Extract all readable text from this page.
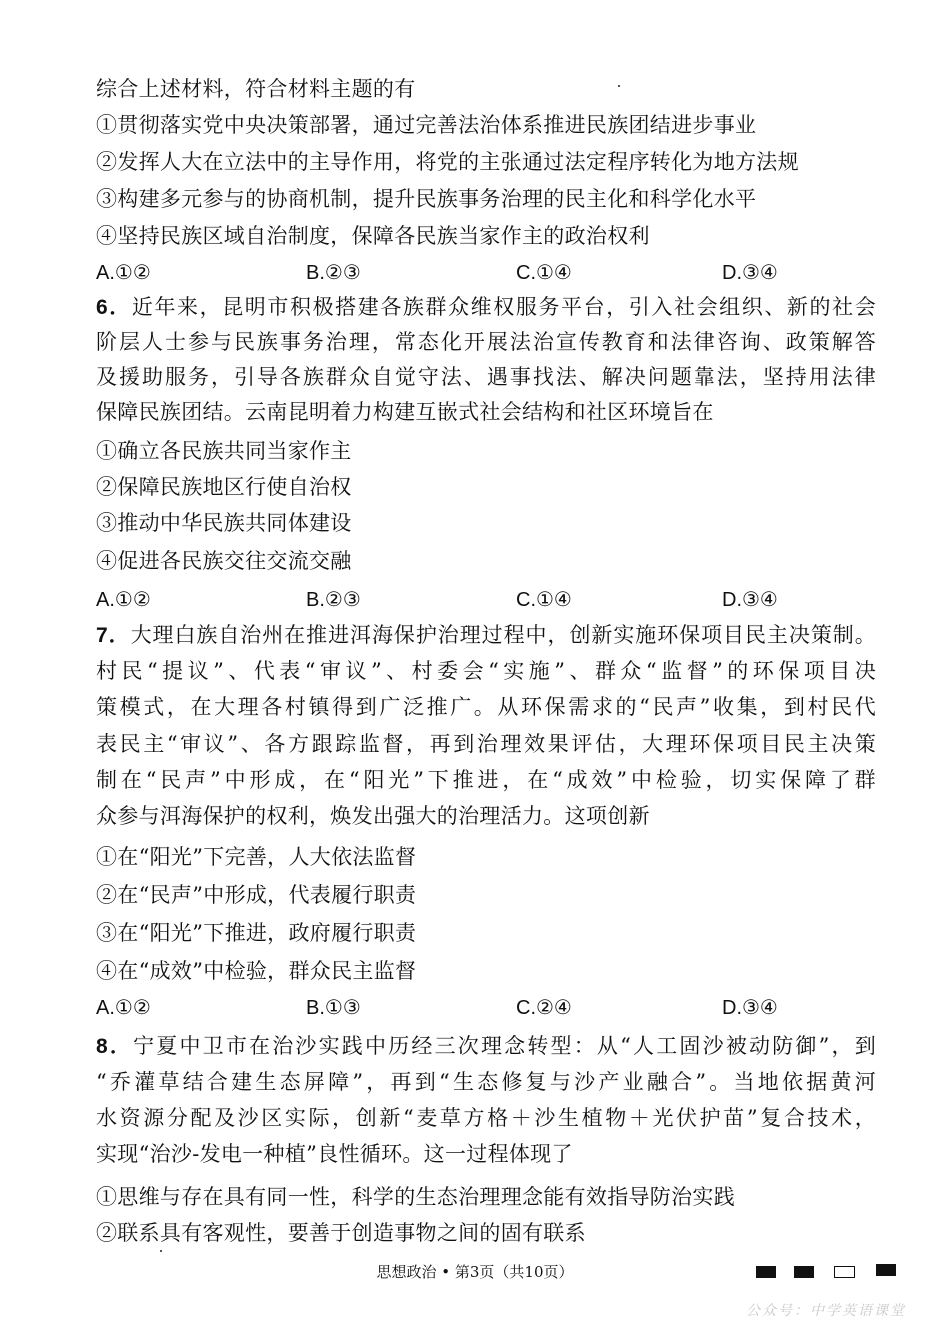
综合上述材料，符合材料主题的有
①贯彻落实党中央决策部署，通过完善法治体系推进民族团结进步事业
②发挥人大在立法中的主导作用，将党的主张通过法定程序转化为地方法规
③构建多元参与的协商机制，提升民族事务治理的民主化和科学化水平
④坚持民族区域自治制度，保障各民族当家作主的政治权利
A.①②	B.②③	C.①④	D.③④
6．近年来，昆明市积极搭建各族群众维权服务平台，引入社会组织、新的社会
阶层人士参与民族事务治理，常态化开展法治宣传教育和法律咨询、政策解答
及援助服务，引导各族群众自觉守法、遇事找法、解决问题靠法，坚持用法律
保障民族团结。云南昆明着力构建互嵌式社会结构和社区环境旨在
①确立各民族共同当家作主
②保障民族地区行使自治权
③推动中华民族共同体建设
④促进各民族交往交流交融
A.①②	B.②③	C.①④	D.③④
7．大理白族自治州在推进洱海保护治理过程中，创新实施环保项目民主决策制。
村民“提议”、代表“审议”、村委会“实施”、群众“监督”的环保项目决
策模式，在大理各村镇得到广泛推广。从环保需求的“民声”收集，到村民代
表民主“审议”、各方跟踪监督，再到治理效果评估，大理环保项目民主决策
制在“民声”中形成，在“阳光”下推进，在“成效”中检验，切实保障了群
众参与洱海保护的权利，焕发出强大的治理活力。这项创新
①在“阳光”下完善，人大依法监督
②在“民声”中形成，代表履行职责
③在“阳光”下推进，政府履行职责
④在“成效”中检验，群众民主监督
A.①②	B.①③	C.②④	D.③④
8．宁夏中卫市在治沙实践中历经三次理念转型：从“人工固沙被动防御”，到
“乔灌草结合建生态屏障”，再到“生态修复与沙产业融合”。当地依据黄河
水资源分配及沙区实际，创新“麦草方格＋沙生植物＋光伏护苗”复合技术，
实现“治沙-发电一种植”良性循环。这一过程体现了
①思维与存在具有同一性，科学的生态治理理念能有效指导防治实践
②联系具有客观性，要善于创造事物之间的固有联系
思想政治 • 第3页（共10页）
公众号：中学英语课堂
